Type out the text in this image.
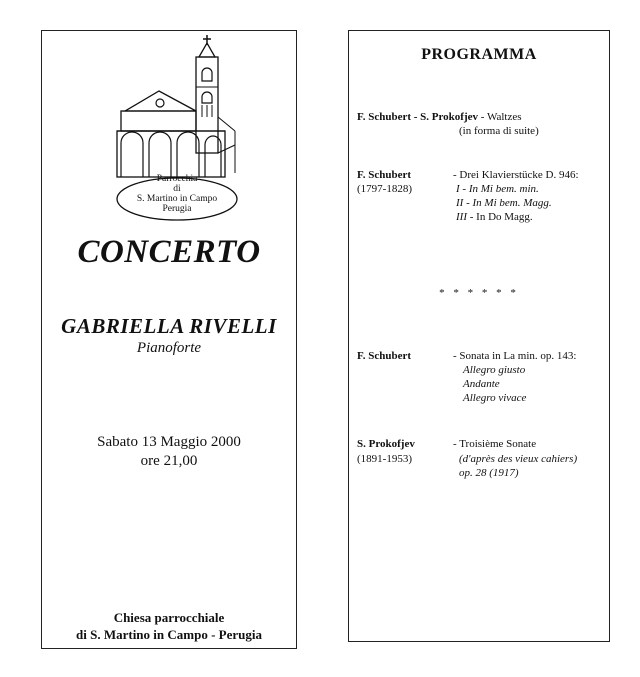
Parrocchia
di
S. Martino in Campo
Perugia
CONCERTO
GABRIELLA RIVELLI
Pianoforte
Sabato 13 Maggio 2000
ore 21,00
Chiesa parrocchiale
di S. Martino in Campo - Perugia
PROGRAMMA
F. Schubert - S. Prokofjev - Waltzes
(in forma di suite)
F. Schubert
(1797-1828)
- Drei Klavierstücke D. 946:
I - In Mi bem. min.
II - In Mi bem. Magg.
III - In Do Magg.
* * * * * *
F. Schubert	- Sonata in La min. op. 143:
Allegro giusto
Andante
Allegro vivace
S. Prokofjev
(1891-1953)
- Troisième Sonate
(d'après des vieux cahiers)
op. 28 (1917)
